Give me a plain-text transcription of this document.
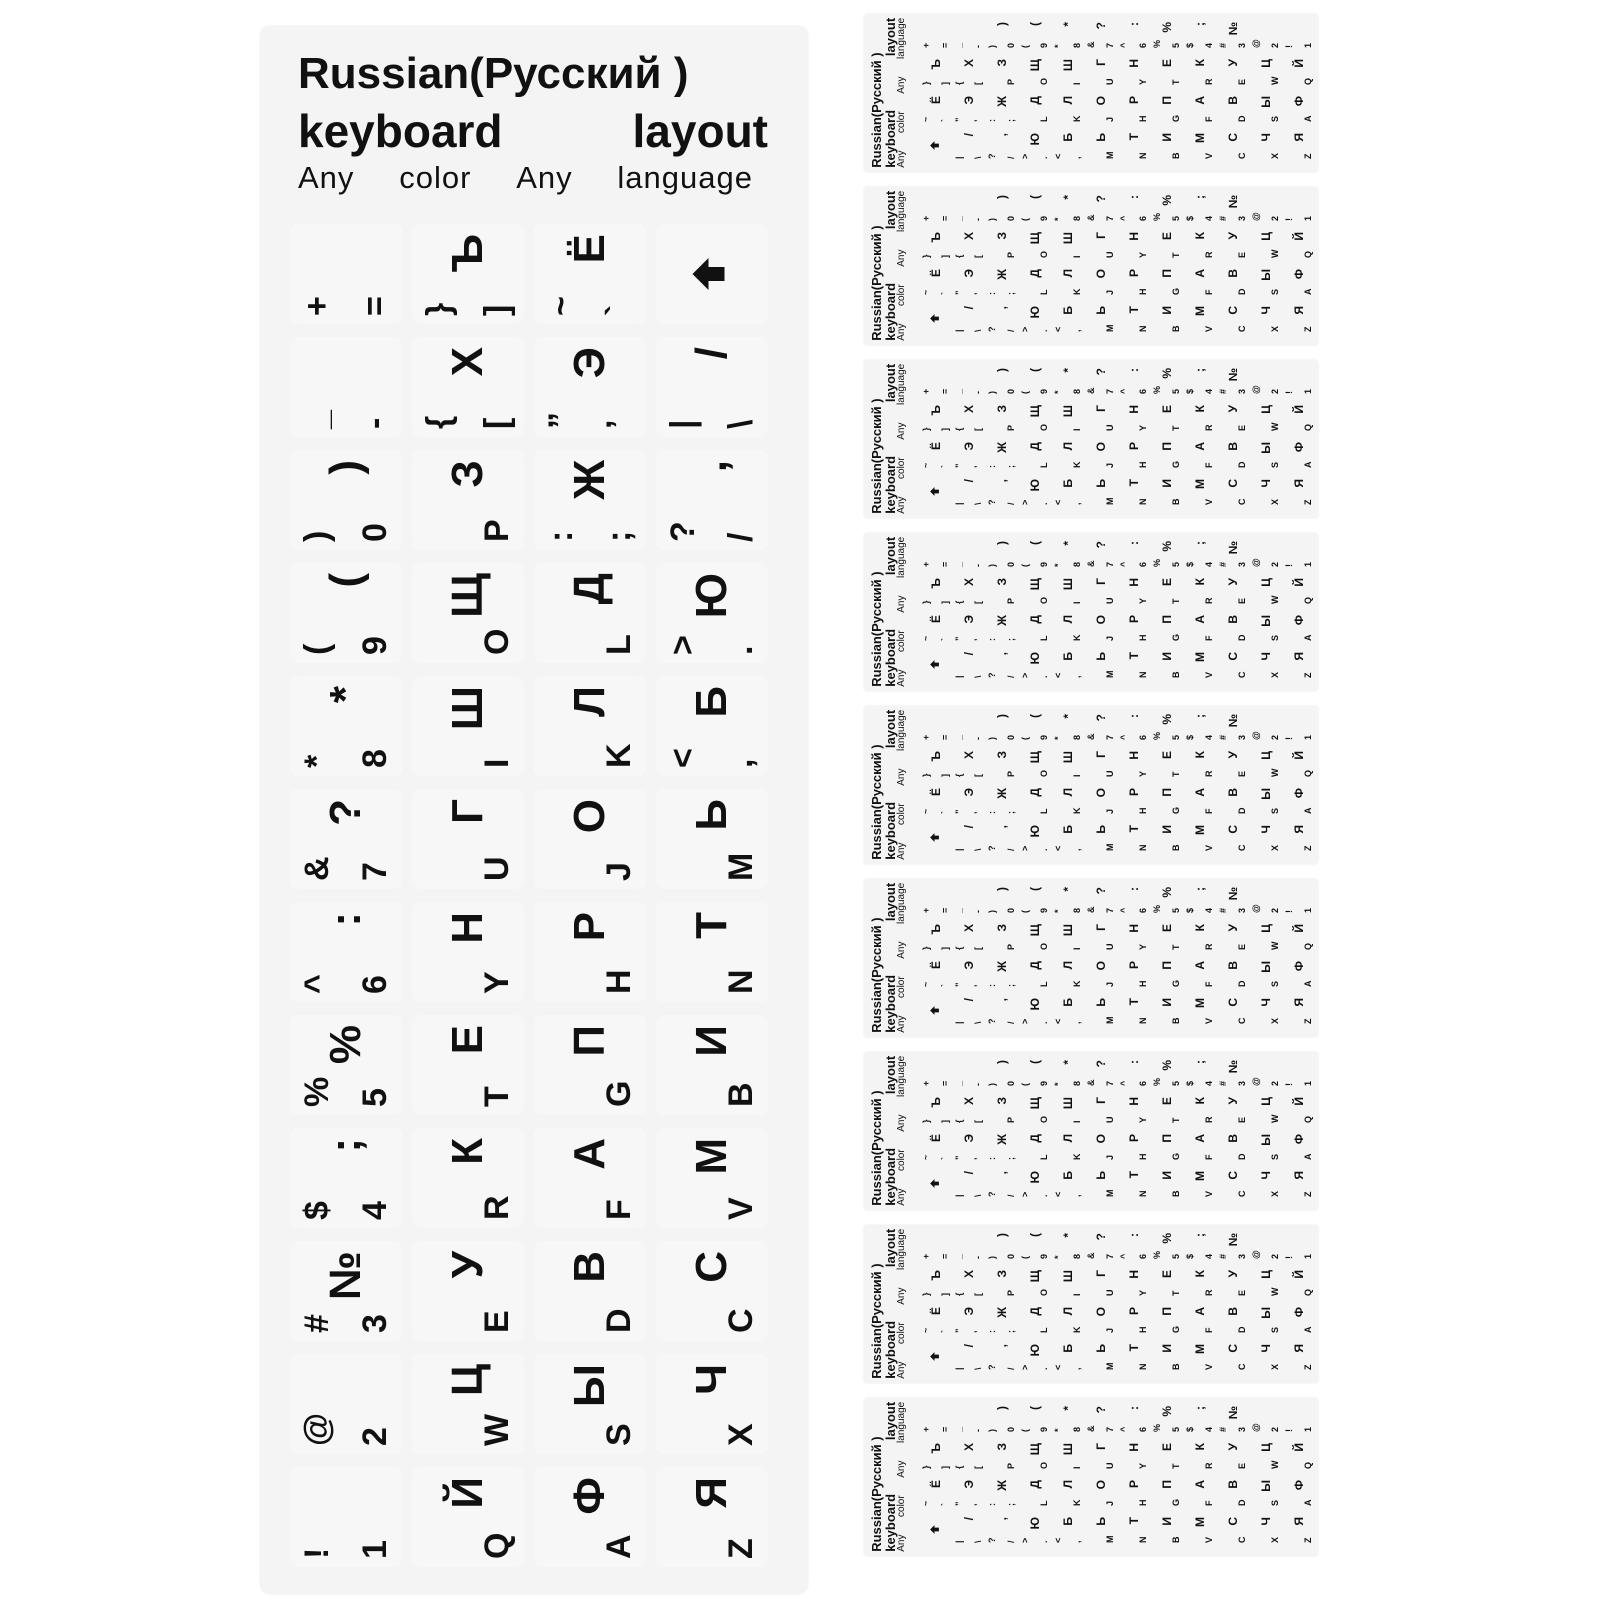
Russian(Русский )
keyboard	layout
Any color Any language
! 1
@ 2
# 3
№
$ 4
;
% 5
%
^ 6
:
& 7
?
* 8
*
( 9
(
) 0
)
_ -
+ =
Q
Й
W
Ц
E
У
R
К
T
Е
Y
Н
U
Г
I
Ш
O
Щ
P
З
{ [
Х
} ]
Ъ
A
Ф
S
Ы
D
В
F
А
G
П
H
Р
J
О
K
Л
L
Д
: ;
Ж
” ’
Э
~ `
Ё
Z
Я
X
Ч
C
С
V
М
B
И
N
Т
M
Ь
< ,
Б
> .
Ю
? /
,
| \
/
Russian(Русский )
keyboard
layout
Any
color
Any
language	! 1
@ 2
# 3
№
$ 4
;
% 5
%
^ 6
:
& 7
?
* 8
*
( 9
(
) 0
)
_ -
+ =
Q
Й
W
Ц
E
У
R
К
T
Е
Y
Н
U
Г
I
Ш
O
Щ
P
З
{ [
Х
} ]
Ъ
A
Ф
S
Ы
D
В
F
А
G
П
H
Р
J
О
K
Л
L
Д
: ;
Ж
” ’
Э
~ `
Ё
Z
Я
X
Ч
C
С
V
М
B
И
N
Т
M
Ь
< ,
Б
> .
Ю
? /
,
| \
/
Russian(Русский )
keyboard
layout
Any
color
Any
language	! 1
@ 2
# 3
№
$ 4
;
% 5
%
^ 6
:
& 7
?
* 8
*
( 9
(
) 0
)
_ -
+ =
Q
Й
W
Ц
E
У
R
К
T
Е
Y
Н
U
Г
I
Ш
O
Щ
P
З
{ [
Х
} ]
Ъ
A
Ф
S
Ы
D
В
F
А
G
П
H
Р
J
О
K
Л
L
Д
: ;
Ж
” ’
Э
~ `
Ё
Z
Я
X
Ч
C
С
V
М
B
И
N
Т
M
Ь
< ,
Б
> .
Ю
? /
,
| \
/
Russian(Русский )
keyboard
layout
Any
color
Any
language	! 1
@ 2
# 3
№
$ 4
;
% 5
%
^ 6
:
& 7
?
* 8
*
( 9
(
) 0
)
_ -
+ =
Q
Й
W
Ц
E
У
R
К
T
Е
Y
Н
U
Г
I
Ш
O
Щ
P
З
{ [
Х
} ]
Ъ
A
Ф
S
Ы
D
В
F
А
G
П
H
Р
J
О
K
Л
L
Д
: ;
Ж
” ’
Э
~ `
Ё
Z
Я
X
Ч
C
С
V
М
B
И
N
Т
M
Ь
< ,
Б
> .
Ю
? /
,
| \
/
Russian(Русский )
keyboard
layout
Any
color
Any
language	! 1
@ 2
# 3
№
$ 4
;
% 5
%
^ 6
:
& 7
?
* 8
*
( 9
(
) 0
)
_ -
+ =
Q
Й
W
Ц
E
У
R
К
T
Е
Y
Н
U
Г
I
Ш
O
Щ
P
З
{ [
Х
} ]
Ъ
A
Ф
S
Ы
D
В
F
А
G
П
H
Р
J
О
K
Л
L
Д
: ;
Ж
” ’
Э
~ `
Ё
Z
Я
X
Ч
C
С
V
М
B
И
N
Т
M
Ь
< ,
Б
> .
Ю
? /
,
| \
/
Russian(Русский )
keyboard
layout
Any
color
Any
language	! 1
@ 2
# 3
№
$ 4
;
% 5
%
^ 6
:
& 7
?
* 8
*
( 9
(
) 0
)
_ -
+ =
Q
Й
W
Ц
E
У
R
К
T
Е
Y
Н
U
Г
I
Ш
O
Щ
P
З
{ [
Х
} ]
Ъ
A
Ф
S
Ы
D
В
F
А
G
П
H
Р
J
О
K
Л
L
Д
: ;
Ж
” ’
Э
~ `
Ё
Z
Я
X
Ч
C
С
V
М
B
И
N
Т
M
Ь
< ,
Б
> .
Ю
? /
,
| \
/
Russian(Русский )
keyboard
layout
Any
color
Any
language	! 1
@ 2
# 3
№
$ 4
;
% 5
%
^ 6
:
& 7
?
* 8
*
( 9
(
) 0
)
_ -
+ =
Q
Й
W
Ц
E
У
R
К
T
Е
Y
Н
U
Г
I
Ш
O
Щ
P
З
{ [
Х
} ]
Ъ
A
Ф
S
Ы
D
В
F
А
G
П
H
Р
J
О
K
Л
L
Д
: ;
Ж
” ’
Э
~ `
Ё
Z
Я
X
Ч
C
С
V
М
B
И
N
Т
M
Ь
< ,
Б
> .
Ю
? /
,
| \
/
Russian(Русский )
keyboard
layout
Any
color
Any
language	! 1
@ 2
# 3
№
$ 4
;
% 5
%
^ 6
:
& 7
?
* 8
*
( 9
(
) 0
)
_ -
+ =
Q
Й
W
Ц
E
У
R
К
T
Е
Y
Н
U
Г
I
Ш
O
Щ
P
З
{ [
Х
} ]
Ъ
A
Ф
S
Ы
D
В
F
А
G
П
H
Р
J
О
K
Л
L
Д
: ;
Ж
” ’
Э
~ `
Ё
Z
Я
X
Ч
C
С
V
М
B
И
N
Т
M
Ь
< ,
Б
> .
Ю
? /
,
| \
/
Russian(Русский )
keyboard
layout
Any
color
Any
language	! 1
@ 2
# 3
№
$ 4
;
% 5
%
^ 6
:
& 7
?
* 8
*
( 9
(
) 0
)
_ -
+ =
Q
Й
W
Ц
E
У
R
К
T
Е
Y
Н
U
Г
I
Ш
O
Щ
P
З
{ [
Х
} ]
Ъ
A
Ф
S
Ы
D
В
F
А
G
П
H
Р
J
О
K
Л
L
Д
: ;
Ж
” ’
Э
~ `
Ё
Z
Я
X
Ч
C
С
V
М
B
И
N
Т
M
Ь
< ,
Б
> .
Ю
? /
,
| \
/
Russian(Русский )
keyboard
layout
Any
color
Any
language	! 1
@ 2
# 3
№
$ 4
;
% 5
%
^ 6
:
& 7
?
* 8
*
( 9
(
) 0
)
_ -
+ =
Q
Й
W
Ц
E
У
R
К
T
Е
Y
Н
U
Г
I
Ш
O
Щ
P
З
{ [
Х
} ]
Ъ
A
Ф
S
Ы
D
В
F
А
G
П
H
Р
J
О
K
Л
L
Д
: ;
Ж
” ’
Э
~ `
Ё
Z
Я
X
Ч
C
С
V
М
B
И
N
Т
M
Ь
< ,
Б
> .
Ю
? /
,
| \
/
